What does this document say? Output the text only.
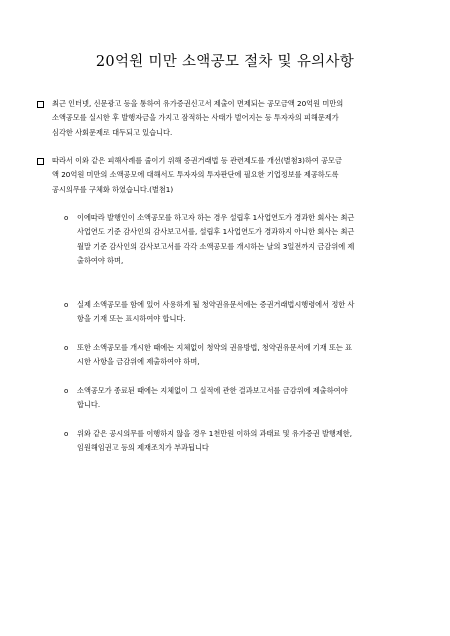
20억원 미만 소액공모 절차 및 유의사항
최근 인터넷, 신문광고 등을 통하여 유가증권신고서 제출이 면제되는 공모금액 20억원 미만의
소액공모를 실시한 후 발행자금을 가지고 잠적하는 사태가 벌어지는 등 투자자의 피해문제가
심각한 사회문제로 대두되고 있습니다.
따라서 이와 같은 피해사례를 줄이기 위해 증권거래법 등 관련제도를 개선(별첨3)하여 공모금
액 20억원 미만의 소액공모에 대해서도 투자자의 투자판단에 필요한 기업정보를 제공하도록
공시의무를 구체화 하였습니다.(별첨1)
o 이에따라 발행인이 소액공모를 하고자 하는 경우 설립후 1사업연도가 경과한 회사는 최근
사업연도 기준 감사인의 감사보고서를, 설립후 1사업연도가 경과하지 아니한 회사는 최근
월말 기준 감사인의 감사보고서를 각각 소액공모를 개시하는 날의 3일전까지 금감위에 제
출하여야 하며,
o 실제 소액공모를 함에 있어 사용하게 될 청약권유문서에는 증권거래법시행령에서 정한 사
항을 기재 또는 표시하여야 합니다.
o 또한 소액공모를 개시한 때에는 지체없이 청약의 권유방법, 청약권유문서에 기재 또는 표
시한 사항을 금감위에 제출하여야 하며,
o 소액공모가 종료된 때에는 지체없이 그 실적에 관한 결과보고서를 금감위에 제출하여야
합니다.
o 위와 같은 공시의무를 이행하지 않을 경우 1천만원 이하의 과태료 및 유가증권 발행제한,
임원해임권고 등의 제재조치가 부과됩니다
